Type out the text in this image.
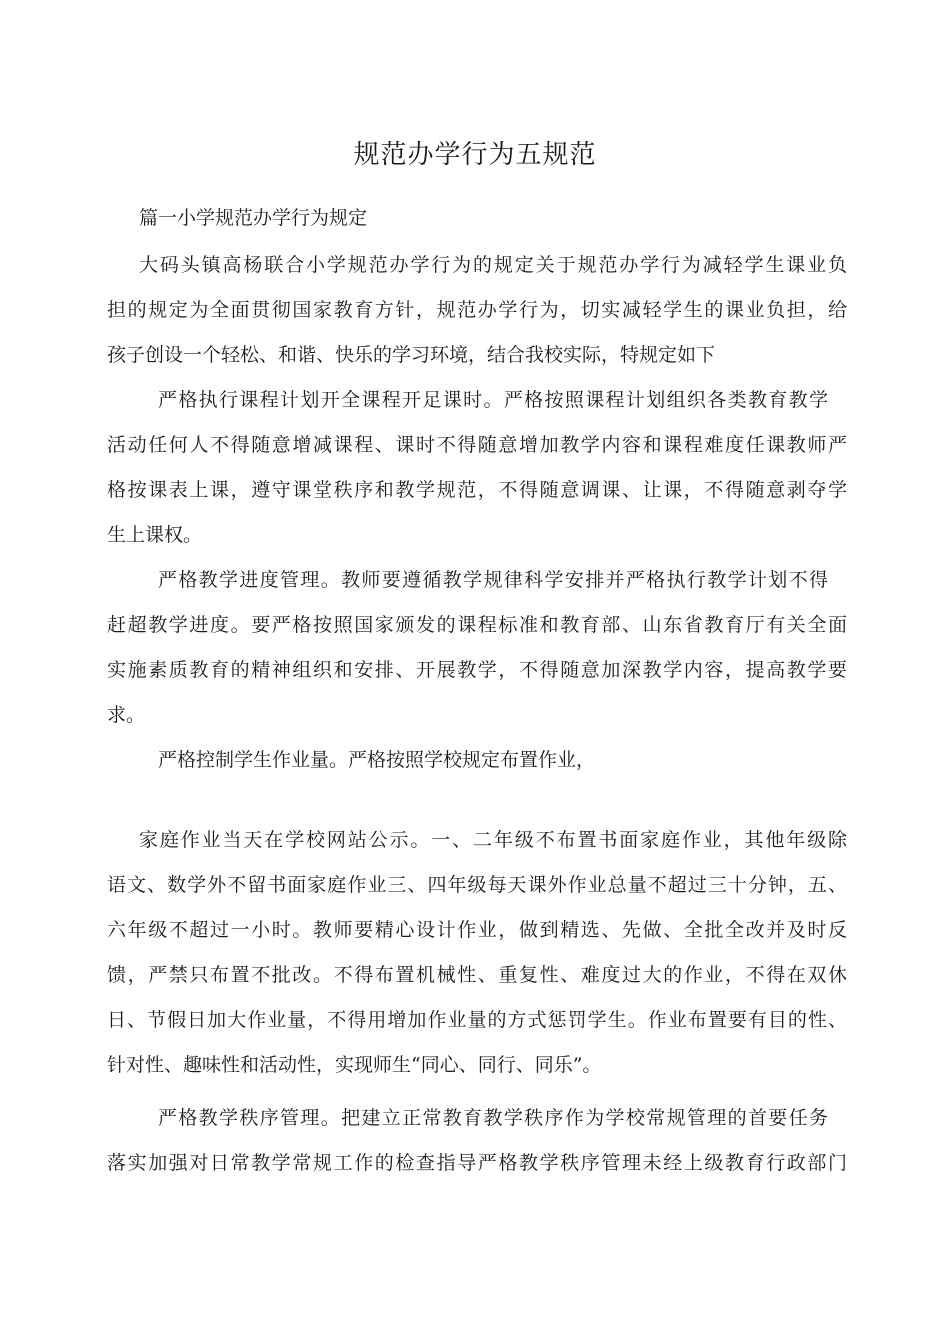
规范办学行为五规范
篇一小学规范办学行为规定
大码头镇高杨联合小学规范办学行为的规定关于规范办学行为减轻学生课业负
担的规定为全面贯彻国家教育方针，规范办学行为，切实减轻学生的课业负担，给
孩子创设一个轻松、和谐、快乐的学习环境，结合我校实际，特规定如下
严格执行课程计划开全课程开足课时。严格按照课程计划组织各类教育教学
活动任何人不得随意增减课程、课时不得随意增加教学内容和课程难度任课教师严
格按课表上课，遵守课堂秩序和教学规范，不得随意调课、让课，不得随意剥夺学
生上课权。
严格教学进度管理。教师要遵循教学规律科学安排并严格执行教学计划不得
赶超教学进度。要严格按照国家颁发的课程标准和教育部、山东省教育厅有关全面
实施素质教育的精神组织和安排、开展教学，不得随意加深教学内容，提高教学要
求。
严格控制学生作业量。严格按照学校规定布置作业，
家庭作业当天在学校网站公示。一、二年级不布置书面家庭作业，其他年级除
语文、数学外不留书面家庭作业三、四年级每天课外作业总量不超过三十分钟，五、
六年级不超过一小时。教师要精心设计作业，做到精选、先做、全批全改并及时反
馈，严禁只布置不批改。不得布置机械性、重复性、难度过大的作业，不得在双休
日、节假日加大作业量，不得用增加作业量的方式惩罚学生。作业布置要有目的性、
针对性、趣味性和活动性，实现师生“同心、同行、同乐”。
严格教学秩序管理。把建立正常教育教学秩序作为学校常规管理的首要任务
落实加强对日常教学常规工作的检查指导严格教学秩序管理未经上级教育行政部门
